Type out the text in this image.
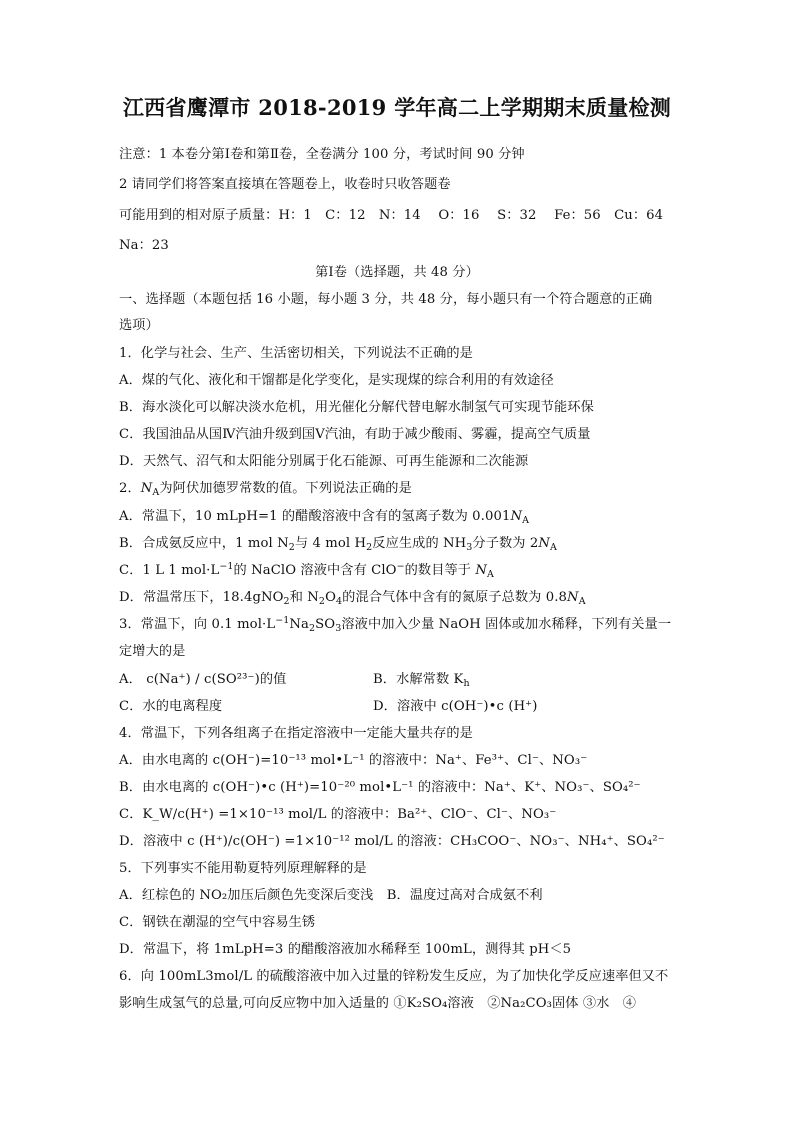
江西省鹰潭市 2018-2019 学年高二上学期期末质量检测
注意：1 本卷分第Ⅰ卷和第Ⅱ卷，全卷满分 100 分，考试时间 90 分钟
2 请同学们将答案直接填在答题卷上，收卷时只收答题卷
可能用到的相对原子质量：H：1　C：12　N：14　 O：16　 S：32　 Fe：56　Cu：64
Na：23
第Ⅰ卷（选择题，共 48 分）
一、选择题（本题包括 16 小题，每小题 3 分，共 48 分，每小题只有一个符合题意的正确
选项）
1．化学与社会、生产、生活密切相关，下列说法不正确的是
A．煤的气化、液化和干馏都是化学变化，是实现煤的综合利用的有效途径
B．海水淡化可以解决淡水危机，用光催化分解代替电解水制氢气可实现节能环保
C．我国油品从国Ⅳ汽油升级到国Ⅴ汽油，有助于减少酸雨、雾霾，提高空气质量
D．天然气、沼气和太阳能分别属于化石能源、可再生能源和二次能源
2．$N_A$为阿伏加德罗常数的值。下列说法正确的是
A．常温下，10 mLpH=1 的醋酸溶液中含有的氢离子数为 $0.001N_A$
B．合成氨反应中，1 mol $N_2$与 4 mol $H_2$反应生成的 $NH_3$分子数为 $2N_A$
C．1 L 1 $mol\cdot L^{-1}$的 NaClO 溶液中含有 ClO−的数目等于 $N_A$
D．常温常压下，18.4gNO$_2$和 $N_2O_4$的混合气体中含有的氮原子总数为 $0.8N_A$
3．常温下，向 0.1 $mol\cdot L^{-1}Na_2SO_3$溶液中加入少量 NaOH 固体或加水稀释，下列有关量一
定增大的是
A． c(Na⁺) / c(SO²³⁻)的值	B．水解常数 $K_h$
C．水的电离程度	D．溶液中 c(OH⁻)•c (H⁺)
4．常温下，下列各组离子在指定溶液中一定能大量共存的是
A．由水电离的 c(OH⁻)=10⁻¹³ mol•L⁻¹ 的溶液中：Na⁺、Fe³⁺、Cl⁻、NO₃⁻
B．由水电离的 c(OH⁻)•c (H⁺)=10⁻²⁰ mol•L⁻¹ 的溶液中：Na⁺、K⁺、NO₃⁻、SO₄²⁻
C．K_W/c(H⁺) =1×10⁻¹³ mol/L 的溶液中：Ba²⁺、ClO⁻、Cl⁻、NO₃⁻
D．溶液中 c (H⁺)/c(OH⁻) =1×10⁻¹² mol/L 的溶液：CH₃COO⁻、NO₃⁻、NH₄⁺、SO₄²⁻
5．下列事实不能用勒夏特列原理解释的是
A．红棕色的 NO₂加压后颜色先变深后变浅　B．温度过高对合成氨不利
C．钢铁在潮湿的空气中容易生锈
D．常温下，将 1mLpH=3 的醋酸溶液加水稀释至 100mL，测得其 pH＜5
6．向 100mL3mol/L 的硫酸溶液中加入过量的锌粉发生反应，为了加快化学反应速率但又不
影响生成氢气的总量,可向反应物中加入适量的 ①K₂SO₄溶液　②Na₂CO₃固体 ③水　④
